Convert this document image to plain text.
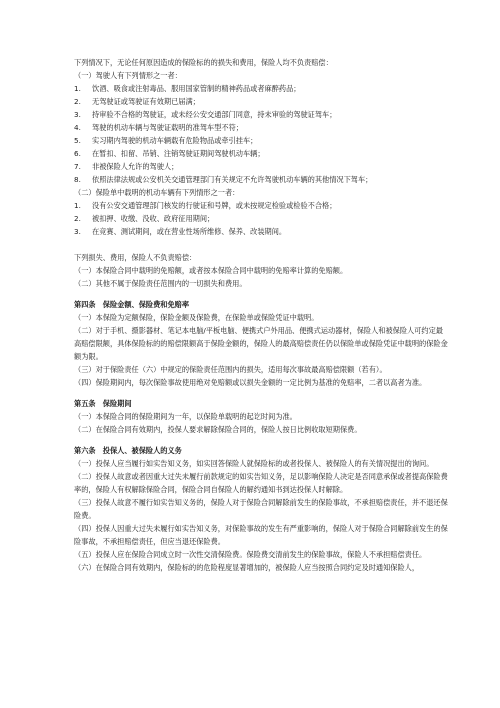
下列情况下，无论任何原因造成的保险标的的损失和费用，保险人均不负责赔偿：

（一）驾驶人有下列情形之一者：

1.	饮酒、吸食或注射毒品、服用国家管制的精神药品或者麻醉药品；

2.	无驾驶证或驾驶证有效期已届满；

3.	持审验不合格的驾驶证，或未经公安交通部门同意，持未审验的驾驶证驾车；

4.	驾驶的机动车辆与驾驶证载明的准驾车型不符；

5.	实习期内驾驶的机动车辆载有危险物品或牵引挂车；

6.	在暂扣、扣留、吊销、注销驾驶证期间驾驶机动车辆；

7.	非被保险人允许的驾驶人；

8.	依照法律法规或公安机关交通管理部门有关规定不允许驾驶机动车辆的其他情况下驾车；

（二）保险单中载明的机动车辆有下列情形之一者：

1.	没有公安交通管理部门核发的行驶证和号牌，或未按规定检验或检验不合格；

2.	被扣押、收缴、没收、政府征用期间；

3.	在竞赛、测试期间，或在营业性场所维修、保养、改装期间。

下列损失、费用，保险人不负责赔偿：

（一）本保险合同中载明的免赔额，或者按本保险合同中载明的免赔率计算的免赔额。

（二）其他不属于保险责任范围内的一切损失和费用。

第四条　保险金额、保险费和免赔率

（一）本保险为定额保险，保险金额及保险费，在保险单或保险凭证中载明。

（二）对于手机、摄影器材、笔记本电脑/平板电脑、便携式户外用品、便携式运动器材，保险人和被保险人可约定最高赔偿限额，具体保险标的的赔偿限额高于保险金额的，保险人的最高赔偿责任仍以保险单或保险凭证中载明的保险金额为限。

（三）对于保险责任（六）中规定的保险责任范围内的损失，适用每次事故最高赔偿限额（若有）。

（四）保险期间内，每次保险事故使用绝对免赔额或以损失金额的一定比例为基准的免赔率，二者以高者为准。

第五条　保险期间

（一）本保险合同的保险期间为一年，以保险单载明的起讫时间为准。

（二）在保险合同有效期内，投保人要求解除保险合同的，保险人按日比例收取短期保费。

第六条　投保人、被保险人的义务

（一）投保人应当履行如实告知义务，如实回答保险人就保险标的或者投保人、被保险人的有关情况提出的询问。

（二）投保人故意或者因重大过失未履行前款规定的如实告知义务，足以影响保险人决定是否同意承保或者提高保险费率的，保险人有权解除保险合同，保险合同自保险人的解约通知书到达投保人时解除。

（三）投保人故意不履行如实告知义务的，保险人对于保险合同解除前发生的保险事故，不承担赔偿责任，并不退还保险费。

（四）投保人因重大过失未履行如实告知义务，对保险事故的发生有严重影响的，保险人对于保险合同解除前发生的保险事故，不承担赔偿责任，但应当退还保险费。

（五）投保人应在保险合同成立时一次性交清保险费。保险费交清前发生的保险事故，保险人不承担赔偿责任。

（六）在保险合同有效期内，保险标的的危险程度显著增加的，被保险人应当按照合同约定及时通知保险人，
